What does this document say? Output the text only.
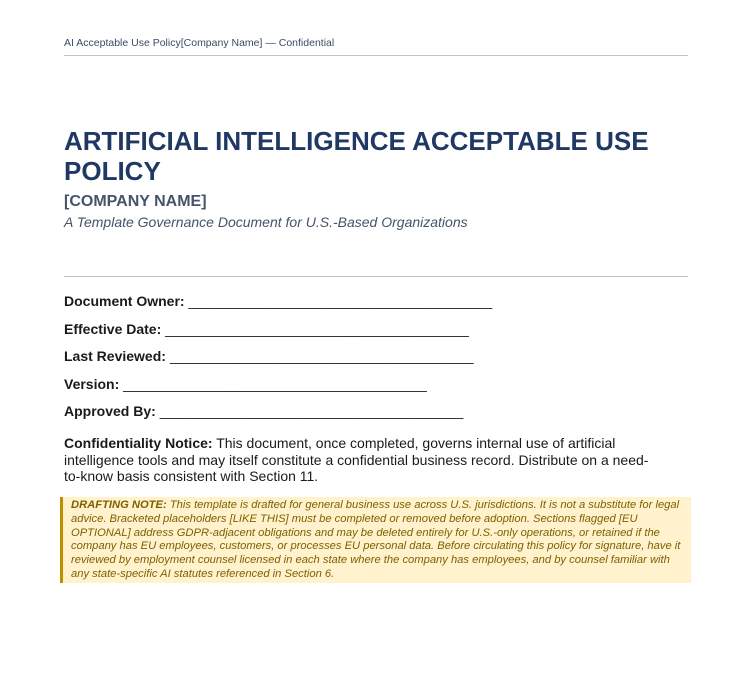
AI Acceptable Use Policy[Company Name] — Confidential
ARTIFICIAL INTELLIGENCE ACCEPTABLE USE POLICY
[COMPANY NAME]
A Template Governance Document for U.S.-Based Organizations
Document Owner: _______________________________________
Effective Date: _______________________________________
Last Reviewed: _______________________________________
Version: _______________________________________
Approved By: _______________________________________
Confidentiality Notice: This document, once completed, governs internal use of artificial intelligence tools and may itself constitute a confidential business record. Distribute on a need-to-know basis consistent with Section 11.
DRAFTING NOTE: This template is drafted for general business use across U.S. jurisdictions. It is not a substitute for legal advice. Bracketed placeholders [LIKE THIS] must be completed or removed before adoption. Sections flagged [EU OPTIONAL] address GDPR-adjacent obligations and may be deleted entirely for U.S.-only operations, or retained if the company has EU employees, customers, or processes EU personal data. Before circulating this policy for signature, have it reviewed by employment counsel licensed in each state where the company has employees, and by counsel familiar with any state-specific AI statutes referenced in Section 6.
